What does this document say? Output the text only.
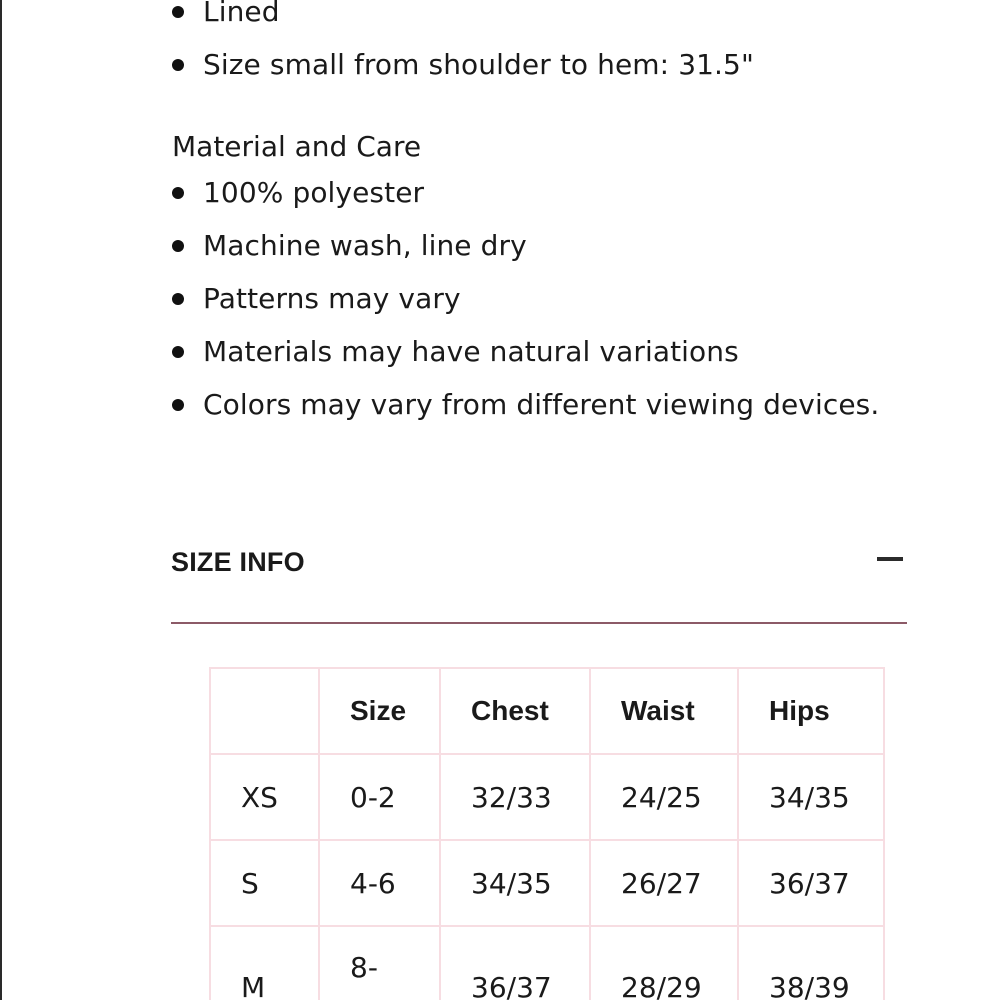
Lined
Size small from shoulder to hem: 31.5"
Material and Care
100% polyester
Machine wash, line dry
Patterns may vary
Materials may have natural variations
Colors may vary from different viewing devices.
SIZE INFO
	Size	Chest	Waist	Hips
XS	0-2	32/33	24/25	34/35
S	4-6	34/35	26/27	36/37
M	8-	36/37	28/29	38/39
